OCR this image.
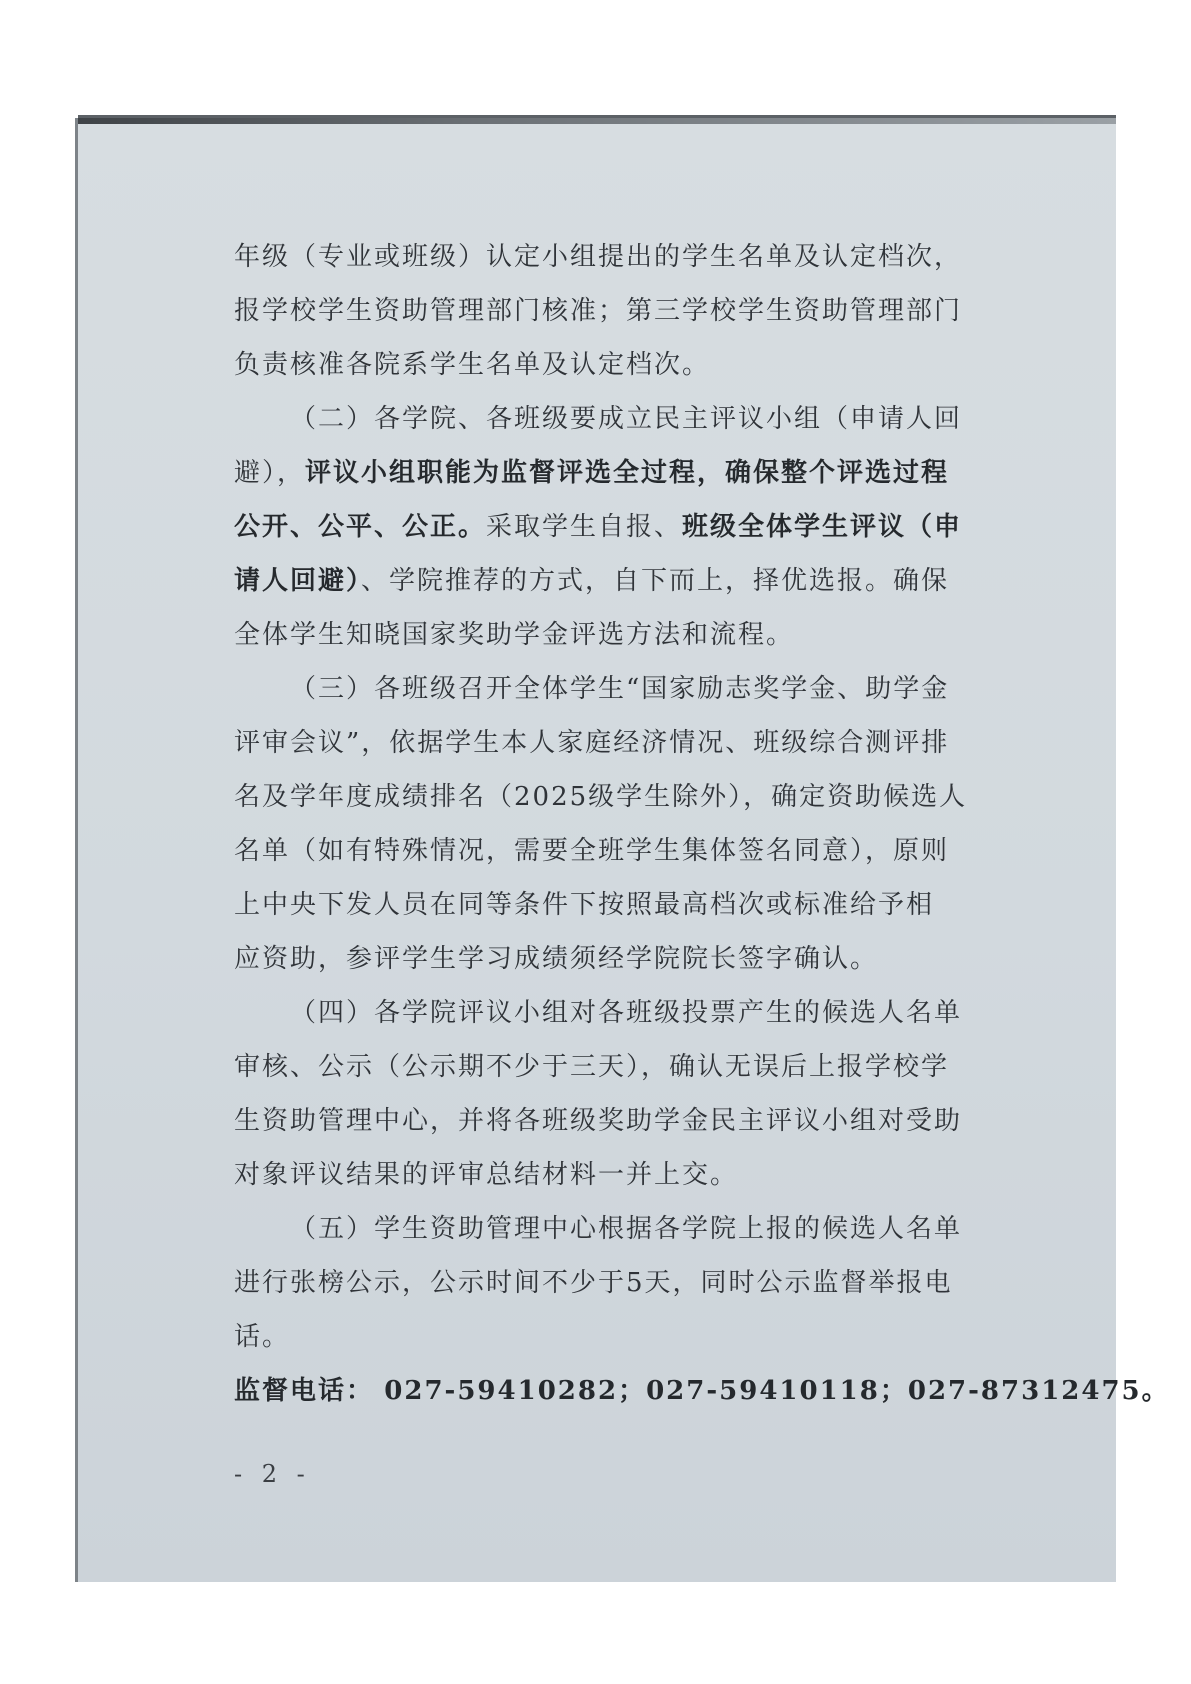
年级（专业或班级）认定小组提出的学生名单及认定档次，
报学校学生资助管理部门核准；第三学校学生资助管理部门
负责核准各院系学生名单及认定档次。
（二）各学院、各班级要成立民主评议小组（申请人回
避），评议小组职能为监督评选全过程，确保整个评选过程
公开、公平、公正。采取学生自报、班级全体学生评议（申
请人回避）、学院推荐的方式，自下而上，择优选报。确保
全体学生知晓国家奖助学金评选方法和流程。
（三）各班级召开全体学生“国家励志奖学金、助学金
评审会议”，依据学生本人家庭经济情况、班级综合测评排
名及学年度成绩排名（2025级学生除外），确定资助候选人
名单（如有特殊情况，需要全班学生集体签名同意），原则
上中央下发人员在同等条件下按照最高档次或标准给予相
应资助，参评学生学习成绩须经学院院长签字确认。
（四）各学院评议小组对各班级投票产生的候选人名单
审核、公示（公示期不少于三天），确认无误后上报学校学
生资助管理中心，并将各班级奖助学金民主评议小组对受助
对象评议结果的评审总结材料一并上交。
（五）学生资助管理中心根据各学院上报的候选人名单
进行张榜公示，公示时间不少于5天，同时公示监督举报电
话。
监督电话： 027-59410282；027-59410118；027-87312475。
- 2 -
